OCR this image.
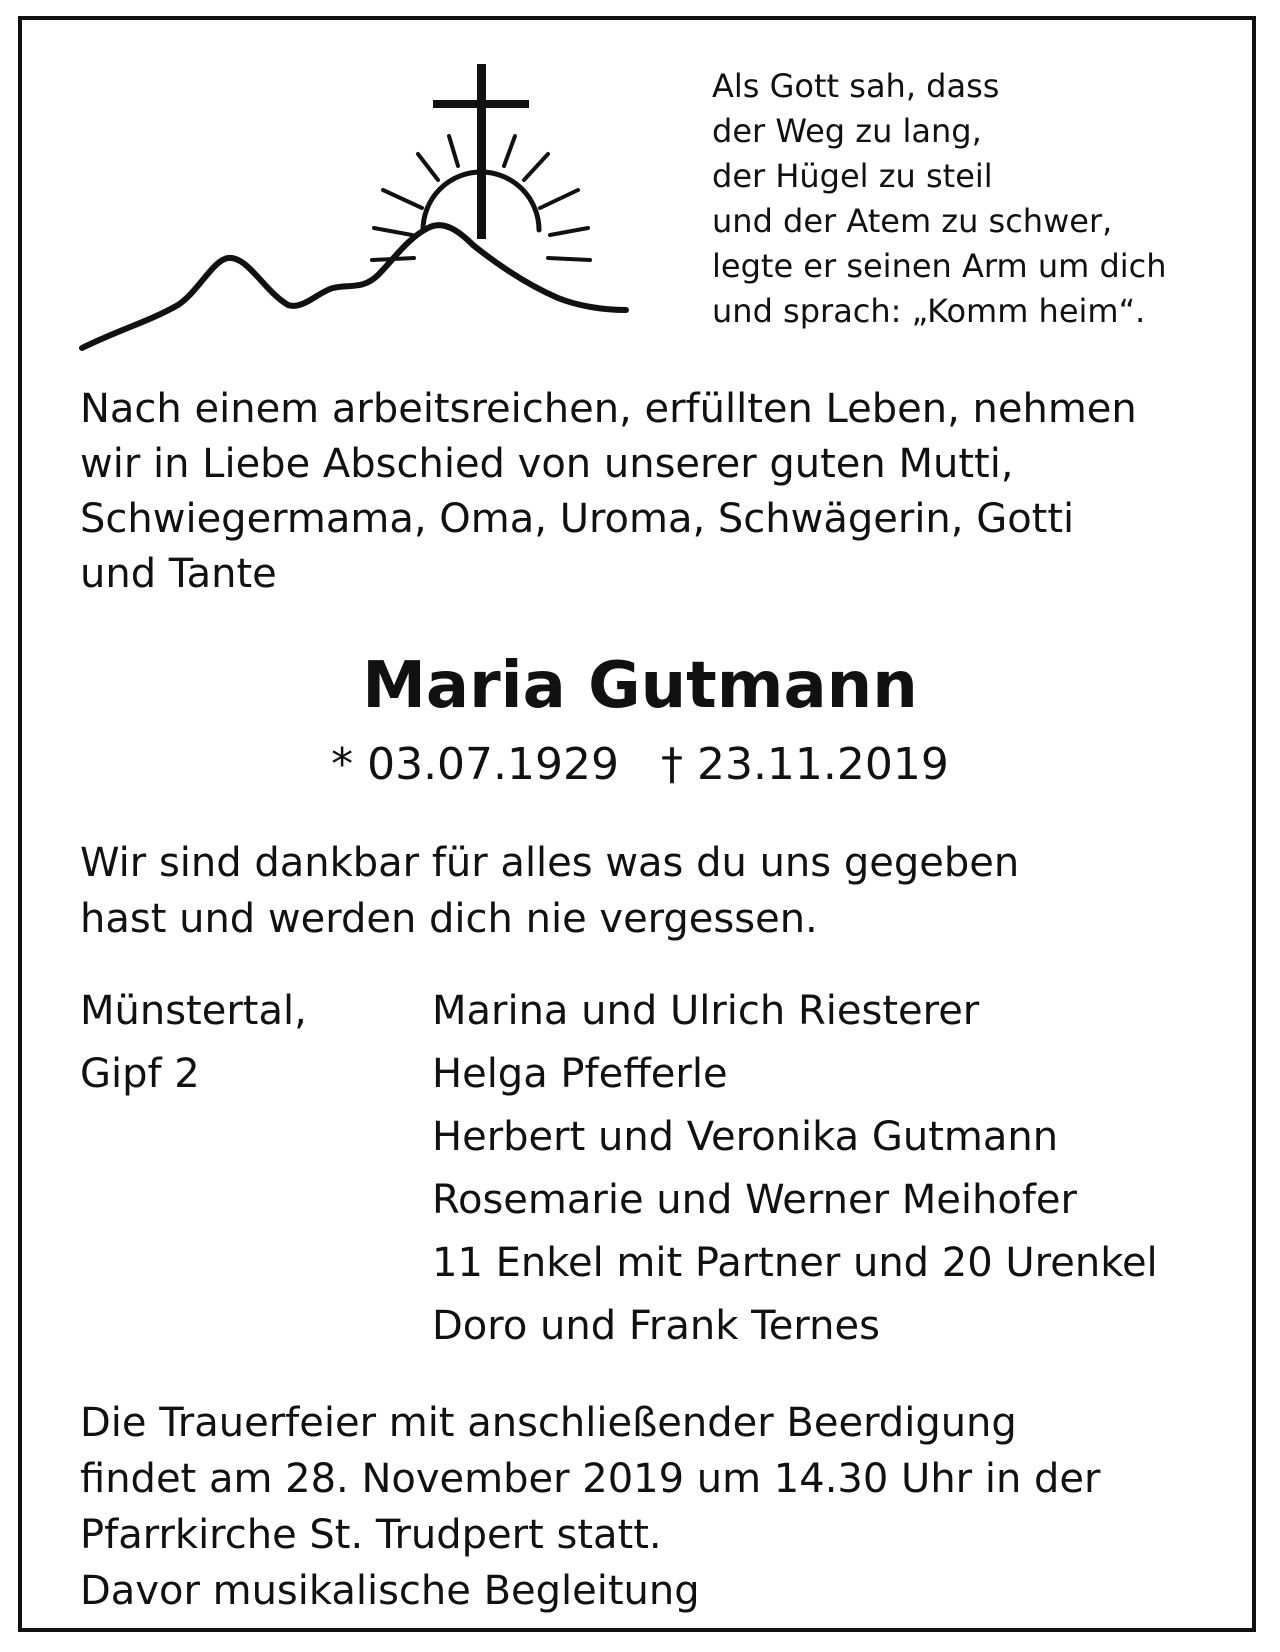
Als Gott sah, dass
der Weg zu lang,
der Hügel zu steil
und der Atem zu schwer,
legte er seinen Arm um dich
und sprach: „Komm heim“.
Nach einem arbeitsreichen, erfüllten Leben, nehmen
wir in Liebe Abschied von unserer guten Mutti,
Schwiegermama, Oma, Uroma, Schwägerin, Gotti
und Tante
Maria Gutmann
* 03.07.1929   † 23.11.2019
Wir sind dankbar für alles was du uns gegeben
hast und werden dich nie vergessen.
Münstertal,
Gipf 2
Marina und Ulrich Riesterer
Helga Pfefferle
Herbert und Veronika Gutmann
Rosemarie und Werner Meihofer
11 Enkel mit Partner und 20 Urenkel
Doro und Frank Ternes
Die Trauerfeier mit anschließender Beerdigung
findet am 28. November 2019 um 14.30 Uhr in der
Pfarrkirche St. Trudpert statt.
Davor musikalische Begleitung
